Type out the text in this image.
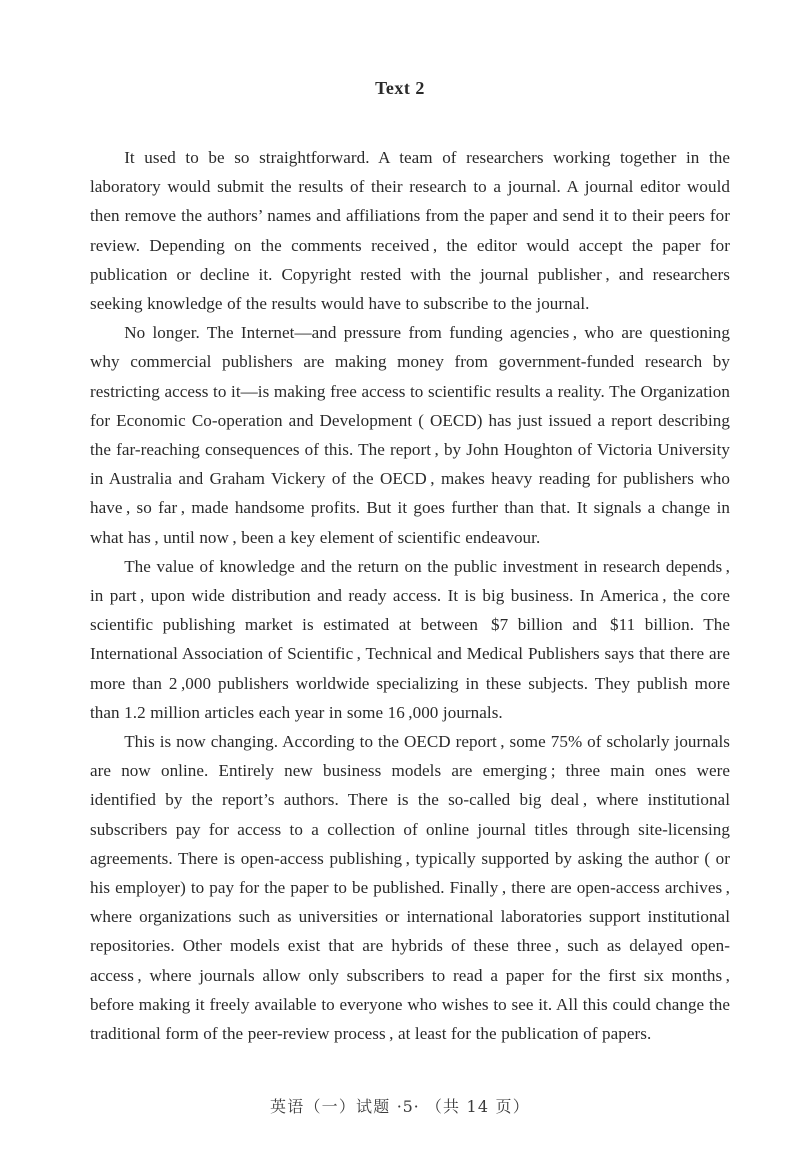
Text 2

It used to be so straightforward. A team of researchers working together in the laboratory would submit the results of their research to a journal. A journal editor would then remove the authors’ names and affiliations from the paper and send it to their peers for review. Depending on the comments received , the editor would accept the paper for publication or decline it. Copyright rested with the journal publisher , and researchers seeking knowledge of the results would have to subscribe to the journal.

No longer. The Internet—and pressure from funding agencies , who are questioning why commercial publishers are making money from government-funded research by restricting access to it—is making free access to scientific results a reality. The Organization for Economic Co-operation and Development ( OECD) has just issued a report describing the far-reaching consequences of this. The report , by John Houghton of Victoria University in Australia and Graham Vickery of the OECD , makes heavy reading for publishers who have , so far , made handsome profits. But it goes further than that. It signals a change in what has , until now , been a key element of scientific endeavour.

The value of knowledge and the return on the public investment in research depends , in part , upon wide distribution and ready access. It is big business. In America , the core scientific publishing market is estimated at between  $7 billion and  $11 billion. The International Association of Scientific , Technical and Medical Publishers says that there are more than 2 ,000 publishers worldwide specializing in these subjects. They publish more than 1.2 million articles each year in some 16 ,000 journals.

This is now changing. According to the OECD report , some 75% of scholarly journals are now online. Entirely new business models are emerging ; three main ones were identified by the report’s authors. There is the so-called big deal , where institutional subscribers pay for access to a collection of online journal titles through site-licensing agreements. There is open-access publishing , typically supported by asking the author ( or his employer) to pay for the paper to be published. Finally , there are open-access archives , where organizations such as universities or international laboratories support institutional repositories. Other models exist that are hybrids of these three , such as delayed open-access , where journals allow only subscribers to read a paper for the first six months , before making it freely available to everyone who wishes to see it. All this could change the traditional form of the peer-review process , at least for the publication of papers.

英语（一）试题 ·5· （共 14 页）
